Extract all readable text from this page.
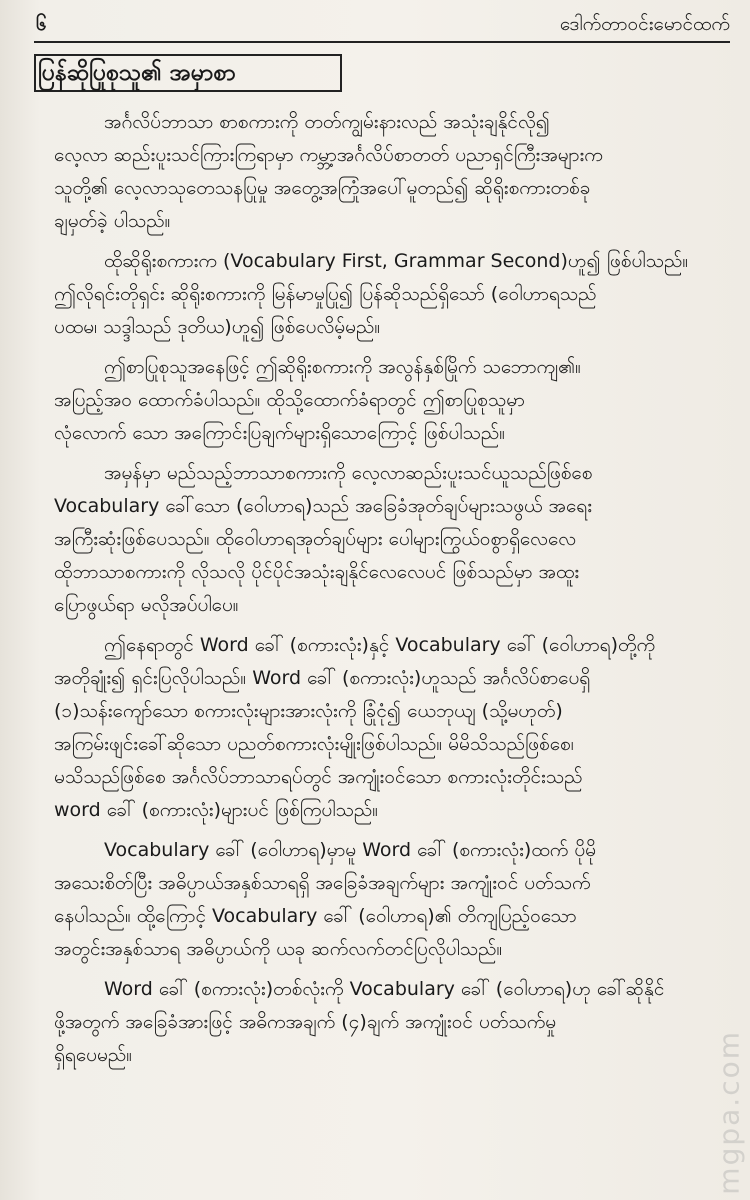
၆	ဒေါက်တာဝင်းမောင်ထက်
ပြန်ဆိုပြုစုသူ၏ အမှာစာ
အင်္ဂလိပ်ဘာသာ စာစကားကို တတ်ကျွမ်းနားလည် အသုံးချနိုင်လို၍
လေ့လာ ဆည်းပူးသင်ကြားကြရာမှာ ကမ္ဘာ့အင်္ဂလိပ်စာတတ် ပညာရှင်ကြီးအများက
သူတို့၏ လေ့လာသုတေသနပြုမှု အတွေ့အကြုံအပေါ်မူတည်၍ ဆိုရိုးစကားတစ်ခု
ချမှတ်ခဲ့ ပါသည်။
ထိုဆိုရိုးစကားက (Vocabulary First, Grammar Second)ဟူ၍ ဖြစ်ပါသည်။
ဤလိုရင်းတိုရှင်း ဆိုရိုးစကားကို မြန်မာမှုပြု၍ ပြန်ဆိုသည်ရှိသော် (ဝေါဟာရသည်
ပထမ၊ သဒ္ဒါသည် ဒုတိယ)ဟူ၍ ဖြစ်ပေလိမ့်မည်။
ဤစာပြုစုသူအနေဖြင့် ဤဆိုရိုးစကားကို အလွန်နှစ်မြိုက် သဘောကျ၏။
အပြည့်အဝ ထောက်ခံပါသည်။ ထိုသို့ထောက်ခံရာတွင် ဤစာပြုစုသူမှာ
လုံလောက် သော အကြောင်းပြချက်များရှိသောကြောင့် ဖြစ်ပါသည်။
အမှန်မှာ မည်သည့်ဘာသာစကားကို လေ့လာဆည်းပူးသင်ယူသည်ဖြစ်စေ
Vocabulary ခေါ်သော (ဝေါဟာရ)သည် အခြေခံအုတ်ချပ်များသဖွယ် အရေး
အကြီးဆုံးဖြစ်ပေသည်။ ထိုဝေါဟာရအုတ်ချပ်များ ပေါများကြွယ်ဝစွာရှိလေလေ
ထိုဘာသာစကားကို လိုသလို ပိုင်ပိုင်အသုံးချနိုင်လေလေပင် ဖြစ်သည်မှာ အထူး
ပြောဖွယ်ရာ မလိုအပ်ပါပေ။
ဤနေရာတွင် Word ခေါ် (စကားလုံး)နှင့် Vocabulary ခေါ် (ဝေါဟာရ)တို့ကို
အတိုချုံး၍ ရှင်းပြလိုပါသည်။ Word ခေါ် (စကားလုံး)ဟူသည် အင်္ဂလိပ်စာပေရှိ
(၁)သန်းကျော်သော စကားလုံးများအားလုံးကို ခြုံငုံ၍ ယေဘုယျ (သို့မဟုတ်)
အကြမ်းဖျင်းခေါ်ဆိုသော ပညတ်စကားလုံးမျိုးဖြစ်ပါသည်။ မိမိသိသည်ဖြစ်စေ၊
မသိသည်ဖြစ်စေ အင်္ဂလိပ်ဘာသာရပ်တွင် အကျုံးဝင်သော စကားလုံးတိုင်းသည်
word ခေါ် (စကားလုံး)များပင် ဖြစ်ကြပါသည်။
Vocabulary ခေါ် (ဝေါဟာရ)မှာမူ Word ခေါ် (စကားလုံး)ထက် ပိုမို
အသေးစိတ်ပြီး အဓိပ္ပာယ်အနှစ်သာရရှိ အခြေခံအချက်များ အကျုံးဝင် ပတ်သက်
နေပါသည်။ ထို့ကြောင့် Vocabulary ခေါ် (ဝေါဟာရ)၏ တိကျပြည့်ဝသော
အတွင်းအနှစ်သာရ အဓိပ္ပာယ်ကို ယခု ဆက်လက်တင်ပြလိုပါသည်။
Word ခေါ် (စကားလုံး)တစ်လုံးကို Vocabulary ခေါ် (ဝေါဟာရ)ဟု ခေါ်ဆိုနိုင်
ဖို့အတွက် အခြေခံအားဖြင့် အဓိကအချက် (၄)ချက် အကျုံးဝင် ပတ်သက်မှု
ရှိရပေမည်။	mgpa.com
